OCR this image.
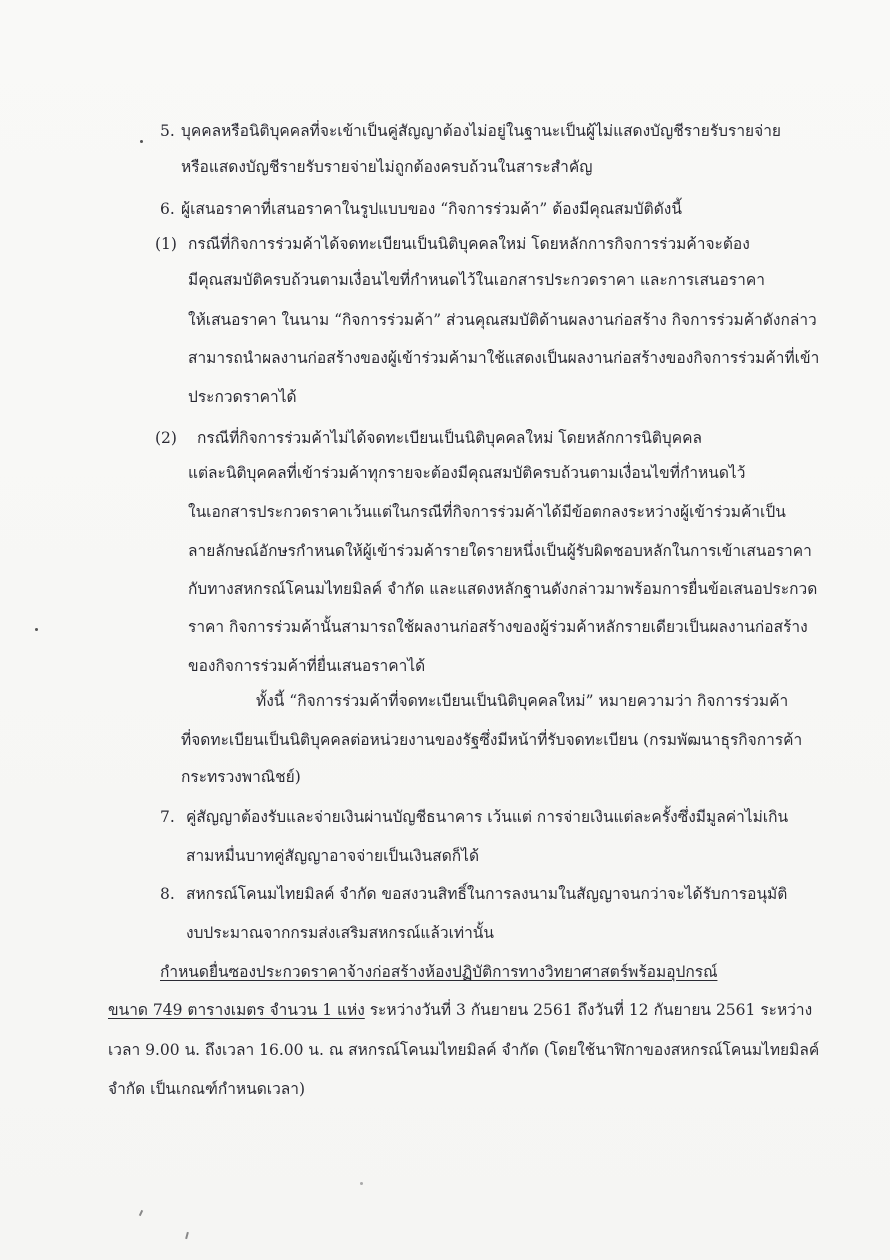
5. บุคคลหรือนิติบุคคลที่จะเข้าเป็นคู่สัญญาต้องไม่อยู่ในฐานะเป็นผู้ไม่แสดงบัญชีรายรับรายจ่าย
หรือแสดงบัญชีรายรับรายจ่ายไม่ถูกต้องครบถ้วนในสาระสำคัญ
6. ผู้เสนอราคาที่เสนอราคาในรูปแบบของ “กิจการร่วมค้า” ต้องมีคุณสมบัติดังนี้
(1) กรณีที่กิจการร่วมค้าได้จดทะเบียนเป็นนิติบุคคลใหม่ โดยหลักการกิจการร่วมค้าจะต้อง
มีคุณสมบัติครบถ้วนตามเงื่อนไขที่กำหนดไว้ในเอกสารประกวดราคา และการเสนอราคา
ให้เสนอราคา ในนาม “กิจการร่วมค้า” ส่วนคุณสมบัติด้านผลงานก่อสร้าง กิจการร่วมค้าดังกล่าว
สามารถนำผลงานก่อสร้างของผู้เข้าร่วมค้ามาใช้แสดงเป็นผลงานก่อสร้างของกิจการร่วมค้าที่เข้า
ประกวดราคาได้
(2) กรณีที่กิจการร่วมค้าไม่ได้จดทะเบียนเป็นนิติบุคคลใหม่ โดยหลักการนิติบุคคล
แต่ละนิติบุคคลที่เข้าร่วมค้าทุกรายจะต้องมีคุณสมบัติครบถ้วนตามเงื่อนไขที่กำหนดไว้
ในเอกสารประกวดราคาเว้นแต่ในกรณีที่กิจการร่วมค้าได้มีข้อตกลงระหว่างผู้เข้าร่วมค้าเป็น
ลายลักษณ์อักษรกำหนดให้ผู้เข้าร่วมค้ารายใดรายหนึ่งเป็นผู้รับผิดชอบหลักในการเข้าเสนอราคา
กับทางสหกรณ์โคนมไทยมิลค์ จำกัด และแสดงหลักฐานดังกล่าวมาพร้อมการยื่นข้อเสนอประกวด
ราคา กิจการร่วมค้านั้นสามารถใช้ผลงานก่อสร้างของผู้ร่วมค้าหลักรายเดียวเป็นผลงานก่อสร้าง
ของกิจการร่วมค้าที่ยื่นเสนอราคาได้
ทั้งนี้ “กิจการร่วมค้าที่จดทะเบียนเป็นนิติบุคคลใหม่” หมายความว่า กิจการร่วมค้า
ที่จดทะเบียนเป็นนิติบุคคลต่อหน่วยงานของรัฐซึ่งมีหน้าที่รับจดทะเบียน (กรมพัฒนาธุรกิจการค้า
กระทรวงพาณิชย์)
7. คู่สัญญาต้องรับและจ่ายเงินผ่านบัญชีธนาคาร เว้นแต่ การจ่ายเงินแต่ละครั้งซึ่งมีมูลค่าไม่เกิน
สามหมื่นบาทคู่สัญญาอาจจ่ายเป็นเงินสดก็ได้
8. สหกรณ์โคนมไทยมิลค์ จำกัด ขอสงวนสิทธิ์ในการลงนามในสัญญาจนกว่าจะได้รับการอนุมัติ
งบประมาณจากกรมส่งเสริมสหกรณ์แล้วเท่านั้น
กำหนดยื่นซองประกวดราคาจ้างก่อสร้างห้องปฏิบัติการทางวิทยาศาสตร์พร้อมอุปกรณ์
ขนาด 749 ตารางเมตร จำนวน 1 แห่ง ระหว่างวันที่ 3 กันยายน 2561 ถึงวันที่ 12 กันยายน 2561 ระหว่าง
เวลา 9.00 น. ถึงเวลา 16.00 น. ณ สหกรณ์โคนมไทยมิลค์ จำกัด (โดยใช้นาฬิกาของสหกรณ์โคนมไทยมิลค์
จำกัด เป็นเกณฑ์กำหนดเวลา)
